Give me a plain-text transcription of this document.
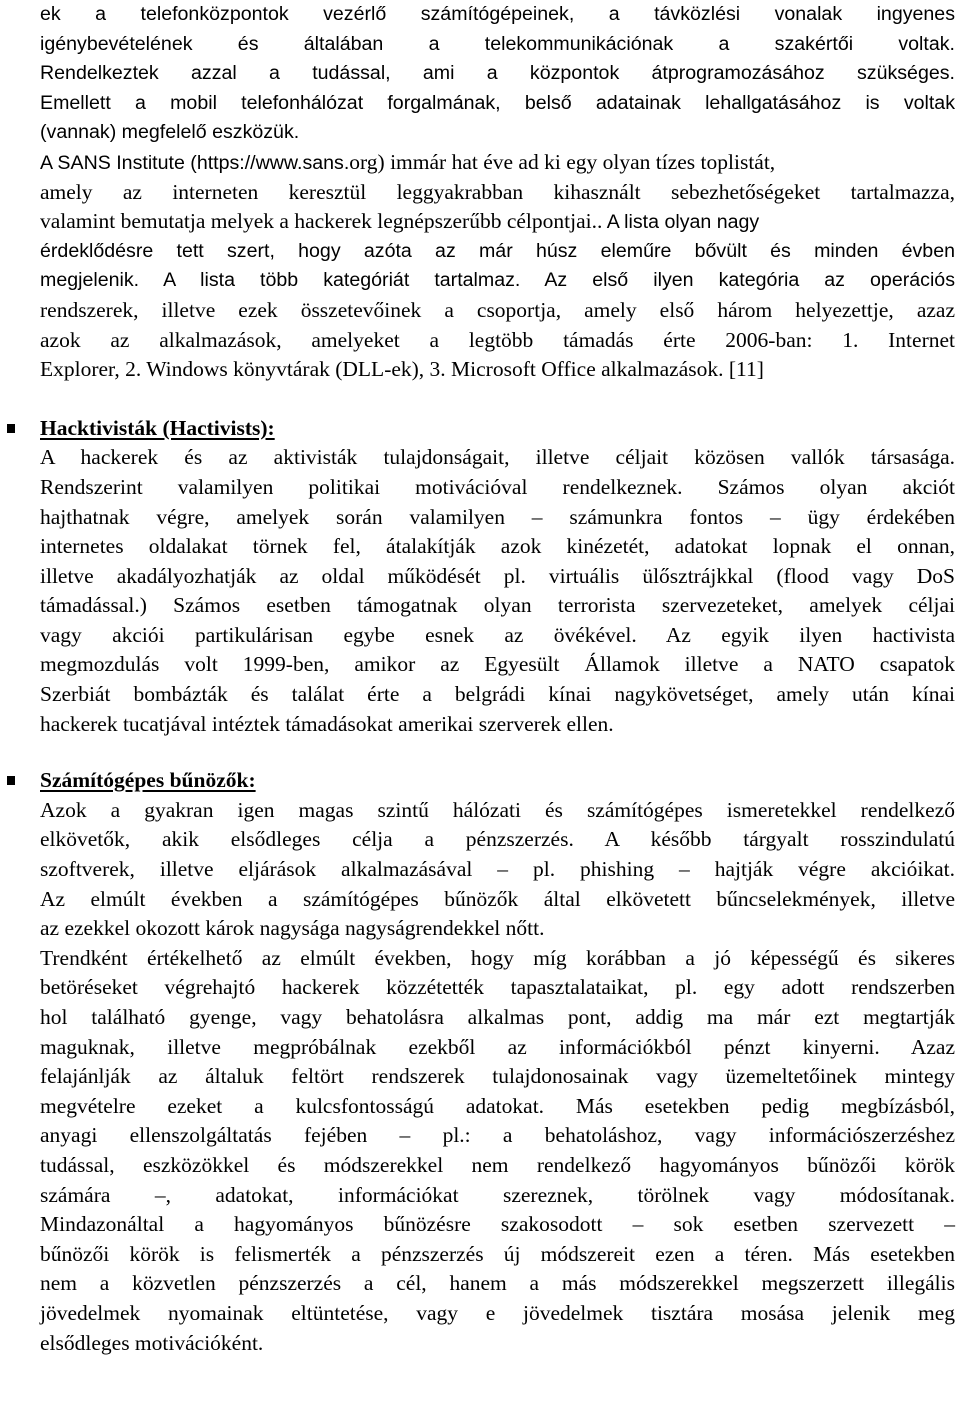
ek a telefonközpontok vezérlő számítógépeinek, a távközlési vonalak ingyenes
igénybevételének és általában a telekommunikációnak a szakértői voltak.
Rendelkeztek azzal a tudással, ami a központok átprogramozásához szükséges.
Emellett a mobil telefonhálózat forgalmának, belső adatainak lehallgatásához is voltak
(vannak) megfelelő eszközük.
A SANS Institute (https://www.sans.org) immár hat éve ad ki egy olyan tízes toplistát,
amely az interneten keresztül leggyakrabban kihasznált sebezhetőségeket tartalmazza,
valamint bemutatja melyek a hackerek legnépszerűbb célpontjai.. A lista olyan nagy
érdeklődésre tett szert, hogy azóta az már húsz eleműre bővült és minden évben
megjelenik. A lista több kategóriát tartalmaz. Az első ilyen kategória az operációs
rendszerek, illetve ezek összetevőinek a csoportja, amely első három helyezettje, azaz
azok az alkalmazások, amelyeket a legtöbb támadás érte 2006-ban: 1. Internet
Explorer, 2. Windows könyvtárak (DLL-ek), 3. Microsoft Office alkalmazások. [11]
Hacktivisták (Hactivists):
A hackerek és az aktivisták tulajdonságait, illetve céljait közösen vallók társasága.
Rendszerint valamilyen politikai motivációval rendelkeznek. Számos olyan akciót
hajthatnak végre, amelyek során valamilyen – számunkra fontos – ügy érdekében
internetes oldalakat törnek fel, átalakítják azok kinézetét, adatokat lopnak el onnan,
illetve akadályozhatják az oldal működését pl. virtuális ülősztrájkkal (flood vagy DoS
támadással.) Számos esetben támogatnak olyan terrorista szervezeteket, amelyek céljai
vagy akciói partikulárisan egybe esnek az övékével. Az egyik ilyen hactivista
megmozdulás volt 1999-ben, amikor az Egyesült Államok illetve a NATO csapatok
Szerbiát bombázták és találat érte a belgrádi kínai nagykövetséget, amely után kínai
hackerek tucatjával intéztek támadásokat amerikai szerverek ellen.
Számítógépes bűnözők:
Azok a gyakran igen magas szintű hálózati és számítógépes ismeretekkel rendelkező
elkövetők, akik elsődleges célja a pénzszerzés. A később tárgyalt rosszindulatú
szoftverek, illetve eljárások alkalmazásával – pl. phishing – hajtják végre akcióikat.
Az elmúlt években a számítógépes bűnözők által elkövetett bűncselekmények, illetve
az ezekkel okozott károk nagysága nagyságrendekkel nőtt.
Trendként értékelhető az elmúlt években, hogy míg korábban a jó képességű és sikeres
betöréseket végrehajtó hackerek közzétették tapasztalataikat, pl. egy adott rendszerben
hol található gyenge, vagy behatolásra alkalmas pont, addig ma már ezt megtartják
maguknak, illetve megpróbálnak ezekből az információkból pénzt kinyerni. Azaz
felajánlják az általuk feltört rendszerek tulajdonosainak vagy üzemeltetőinek mintegy
megvételre ezeket a kulcsfontosságú adatokat. Más esetekben pedig megbízásból,
anyagi ellenszolgáltatás fejében – pl.: a behatoláshoz, vagy információszerzéshez
tudással, eszközökkel és módszerekkel nem rendelkező hagyományos bűnözői körök
számára –, adatokat, információkat szereznek, törölnek vagy módosítanak.
Mindazonáltal a hagyományos bűnözésre szakosodott – sok esetben szervezett –
bűnözői körök is felismerték a pénzszerzés új módszereit ezen a téren. Más esetekben
nem a közvetlen pénzszerzés a cél, hanem a más módszerekkel megszerzett illegális
jövedelmek nyomainak eltüntetése, vagy e jövedelmek tisztára mosása jelenik meg
elsődleges motivációként.
